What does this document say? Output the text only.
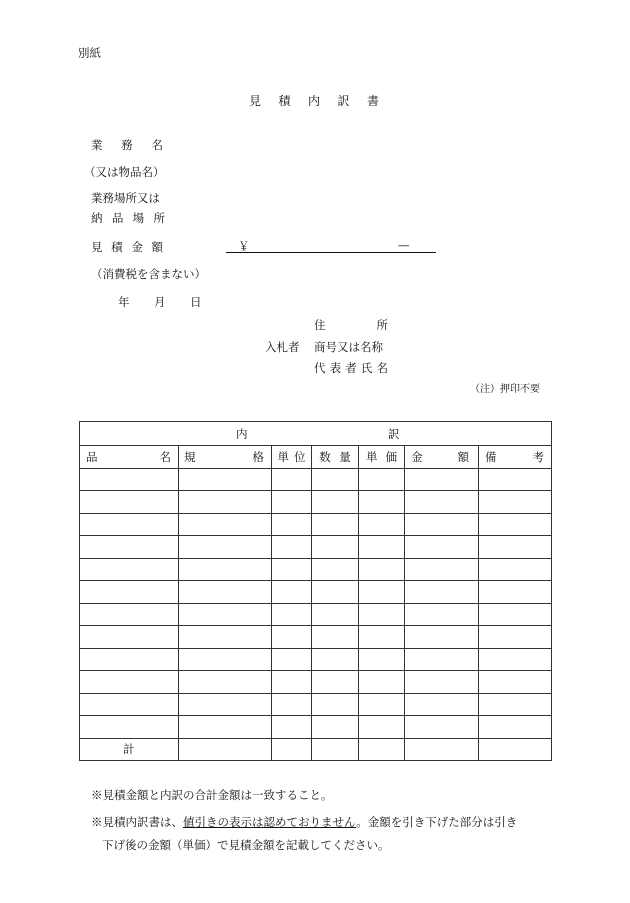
別紙
見 積 内 訳 書
業 務 名
（又は物品名）
業務場所又は
納 品 場 所
見 積 金 額	￥	—
（消費税を含まない）
年 月 日
住	所
入札者 商号又は名称
代 表 者 氏 名
（注）押印不要
内 訳						

品 名	規 格	単 位	数 量	単 価	金 額	備 考

計						
※見積金額と内訳の合計金額は一致すること。
※見積内訳書は、値引きの表示は認めておりません。金額を引き下げた部分は引き
下げ後の金額（単価）で見積金額を記載してください。
